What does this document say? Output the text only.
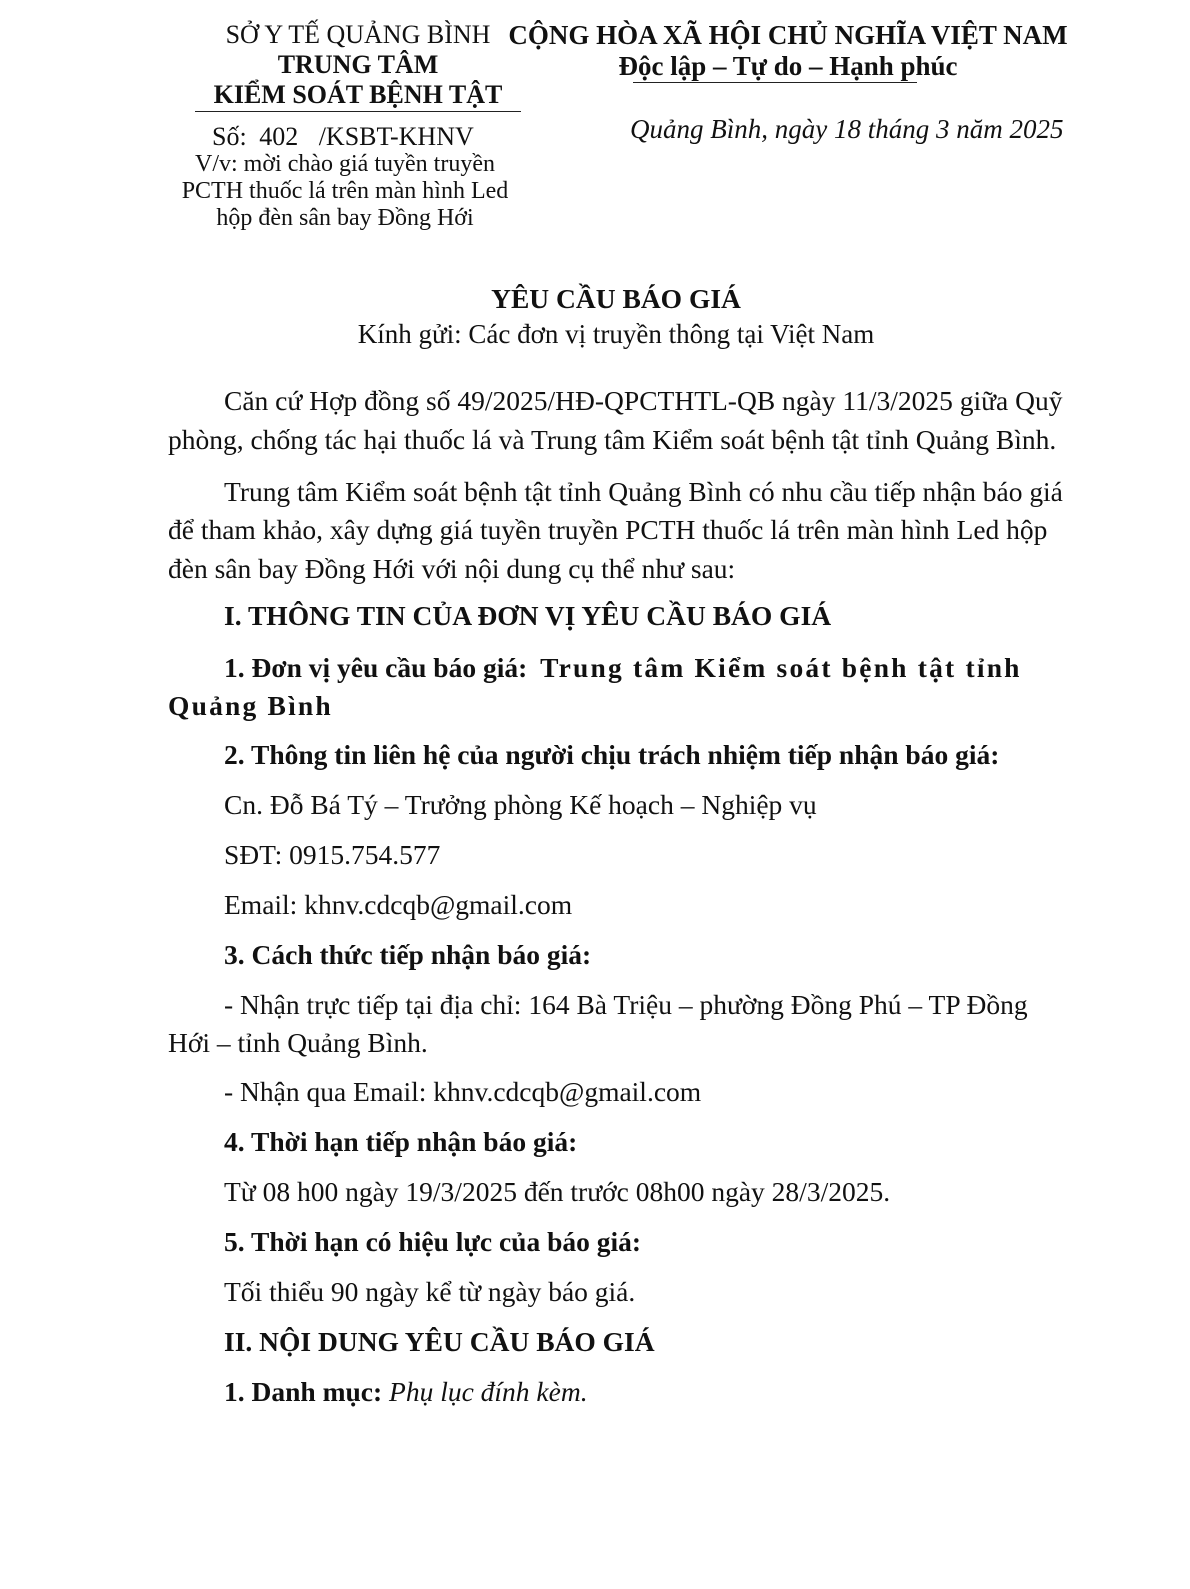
SỞ Y TẾ QUẢNG BÌNH
TRUNG TÂM
KIỂM SOÁT BỆNH TẬT
Số: 402 /KSBT-KHNV
V/v: mời chào giá tuyền truyền
PCTH thuốc lá trên màn hình Led
hộp đèn sân bay Đồng Hới
CỘNG HÒA XÃ HỘI CHỦ NGHĨA VIỆT NAM
Độc lập – Tự do – Hạnh phúc
Quảng Bình, ngày 18 tháng 3 năm 2025
YÊU CẦU BÁO GIÁ
Kính gửi: Các đơn vị truyền thông tại Việt Nam
Căn cứ Hợp đồng số 49/2025/HĐ-QPCTHTL-QB ngày 11/3/2025 giữa Quỹ
phòng, chống tác hại thuốc lá và Trung tâm Kiểm soát bệnh tật tỉnh Quảng Bình.
Trung tâm Kiểm soát bệnh tật tỉnh Quảng Bình có nhu cầu tiếp nhận báo giá
để tham khảo, xây dựng giá tuyền truyền PCTH thuốc lá trên màn hình Led hộp
đèn sân bay Đồng Hới với nội dung cụ thể như sau:
I. THÔNG TIN CỦA ĐƠN VỊ YÊU CẦU BÁO GIÁ
1. Đơn vị yêu cầu báo giá: Trung tâm Kiểm soát bệnh tật tỉnh
Quảng Bình
2. Thông tin liên hệ của người chịu trách nhiệm tiếp nhận báo giá:
Cn. Đỗ Bá Tý – Trưởng phòng Kế hoạch – Nghiệp vụ
SĐT: 0915.754.577
Email: khnv.cdcqb@gmail.com
3. Cách thức tiếp nhận báo giá:
- Nhận trực tiếp tại địa chỉ: 164 Bà Triệu – phường Đồng Phú – TP Đồng
Hới – tỉnh Quảng Bình.
- Nhận qua Email: khnv.cdcqb@gmail.com
4. Thời hạn tiếp nhận báo giá:
Từ 08 h00 ngày 19/3/2025 đến trước 08h00 ngày 28/3/2025.
5. Thời hạn có hiệu lực của báo giá:
Tối thiểu 90 ngày kể từ ngày báo giá.
II. NỘI DUNG YÊU CẦU BÁO GIÁ
1. Danh mục: Phụ lục đính kèm.
